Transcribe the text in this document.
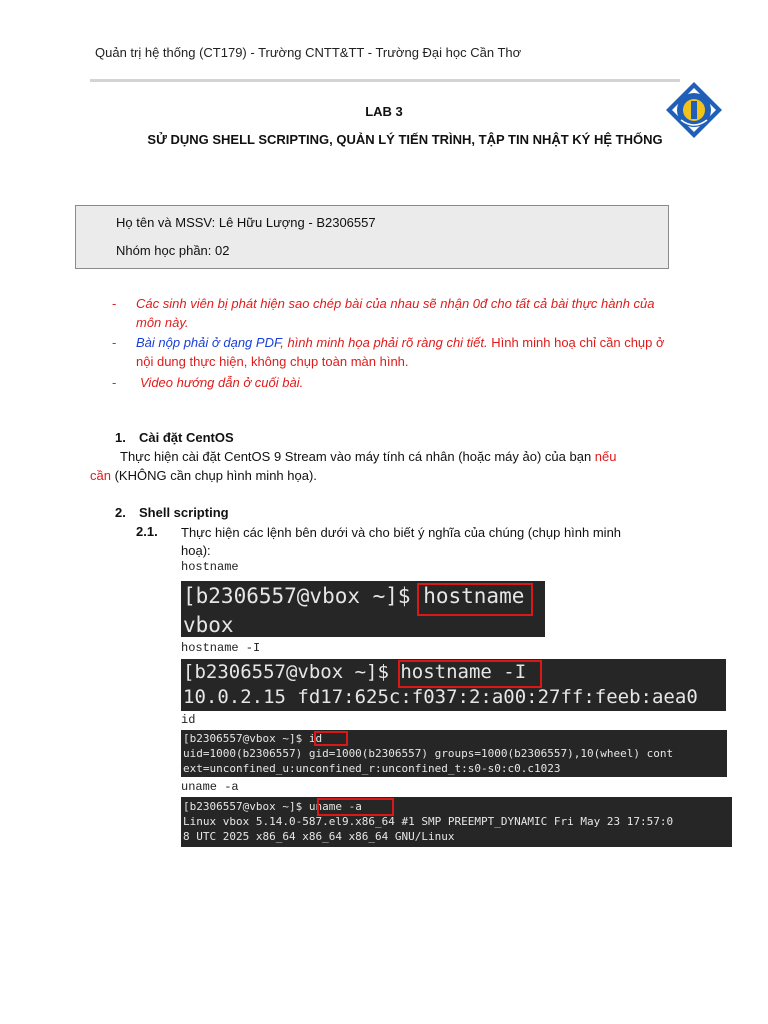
Quản trị hệ thống (CT179) - Trường CNTT&TT - Trường Đại học Cần Thơ
LAB 3
SỬ DỤNG SHELL SCRIPTING, QUẢN LÝ TIẾN TRÌNH, TẬP TIN NHẬT KÝ HỆ THỐNG
Họ tên và MSSV: Lê Hữu Lượng - B2306557
Nhóm học phần: 02
- Các sinh viên bị phát hiện sao chép bài của nhau sẽ nhận 0đ cho tất cả bài thực hành của môn này.
- Bài nộp phải ở dạng PDF, hình minh họa phải rõ ràng chi tiết. Hình minh hoạ chỉ cần chụp ở nội dung thực hiện, không chụp toàn màn hình.
- Video hướng dẫn ở cuối bài.
1. Cài đặt CentOS
Thực hiện cài đặt CentOS 9 Stream vào máy tính cá nhân (hoặc máy ảo) của bạn nếu
cần (KHÔNG cần chụp hình minh họa).
2. Shell scripting
2.1. Thực hiện các lệnh bên dưới và cho biết ý nghĩa của chúng (chụp hình minh
hoạ):
hostname
[b2306557@vbox ~]$ hostname
vbox
hostname -I
[b2306557@vbox ~]$ hostname -I
10.0.2.15 fd17:625c:f037:2:a00:27ff:feeb:aea0
id
[b2306557@vbox ~]$ id
uid=1000(b2306557) gid=1000(b2306557) groups=1000(b2306557),10(wheel) cont
ext=unconfined_u:unconfined_r:unconfined_t:s0-s0:c0.c1023
uname -a
[b2306557@vbox ~]$ uname -a
Linux vbox 5.14.0-587.el9.x86_64 #1 SMP PREEMPT_DYNAMIC Fri May 23 17:57:0
8 UTC 2025 x86_64 x86_64 x86_64 GNU/Linux
